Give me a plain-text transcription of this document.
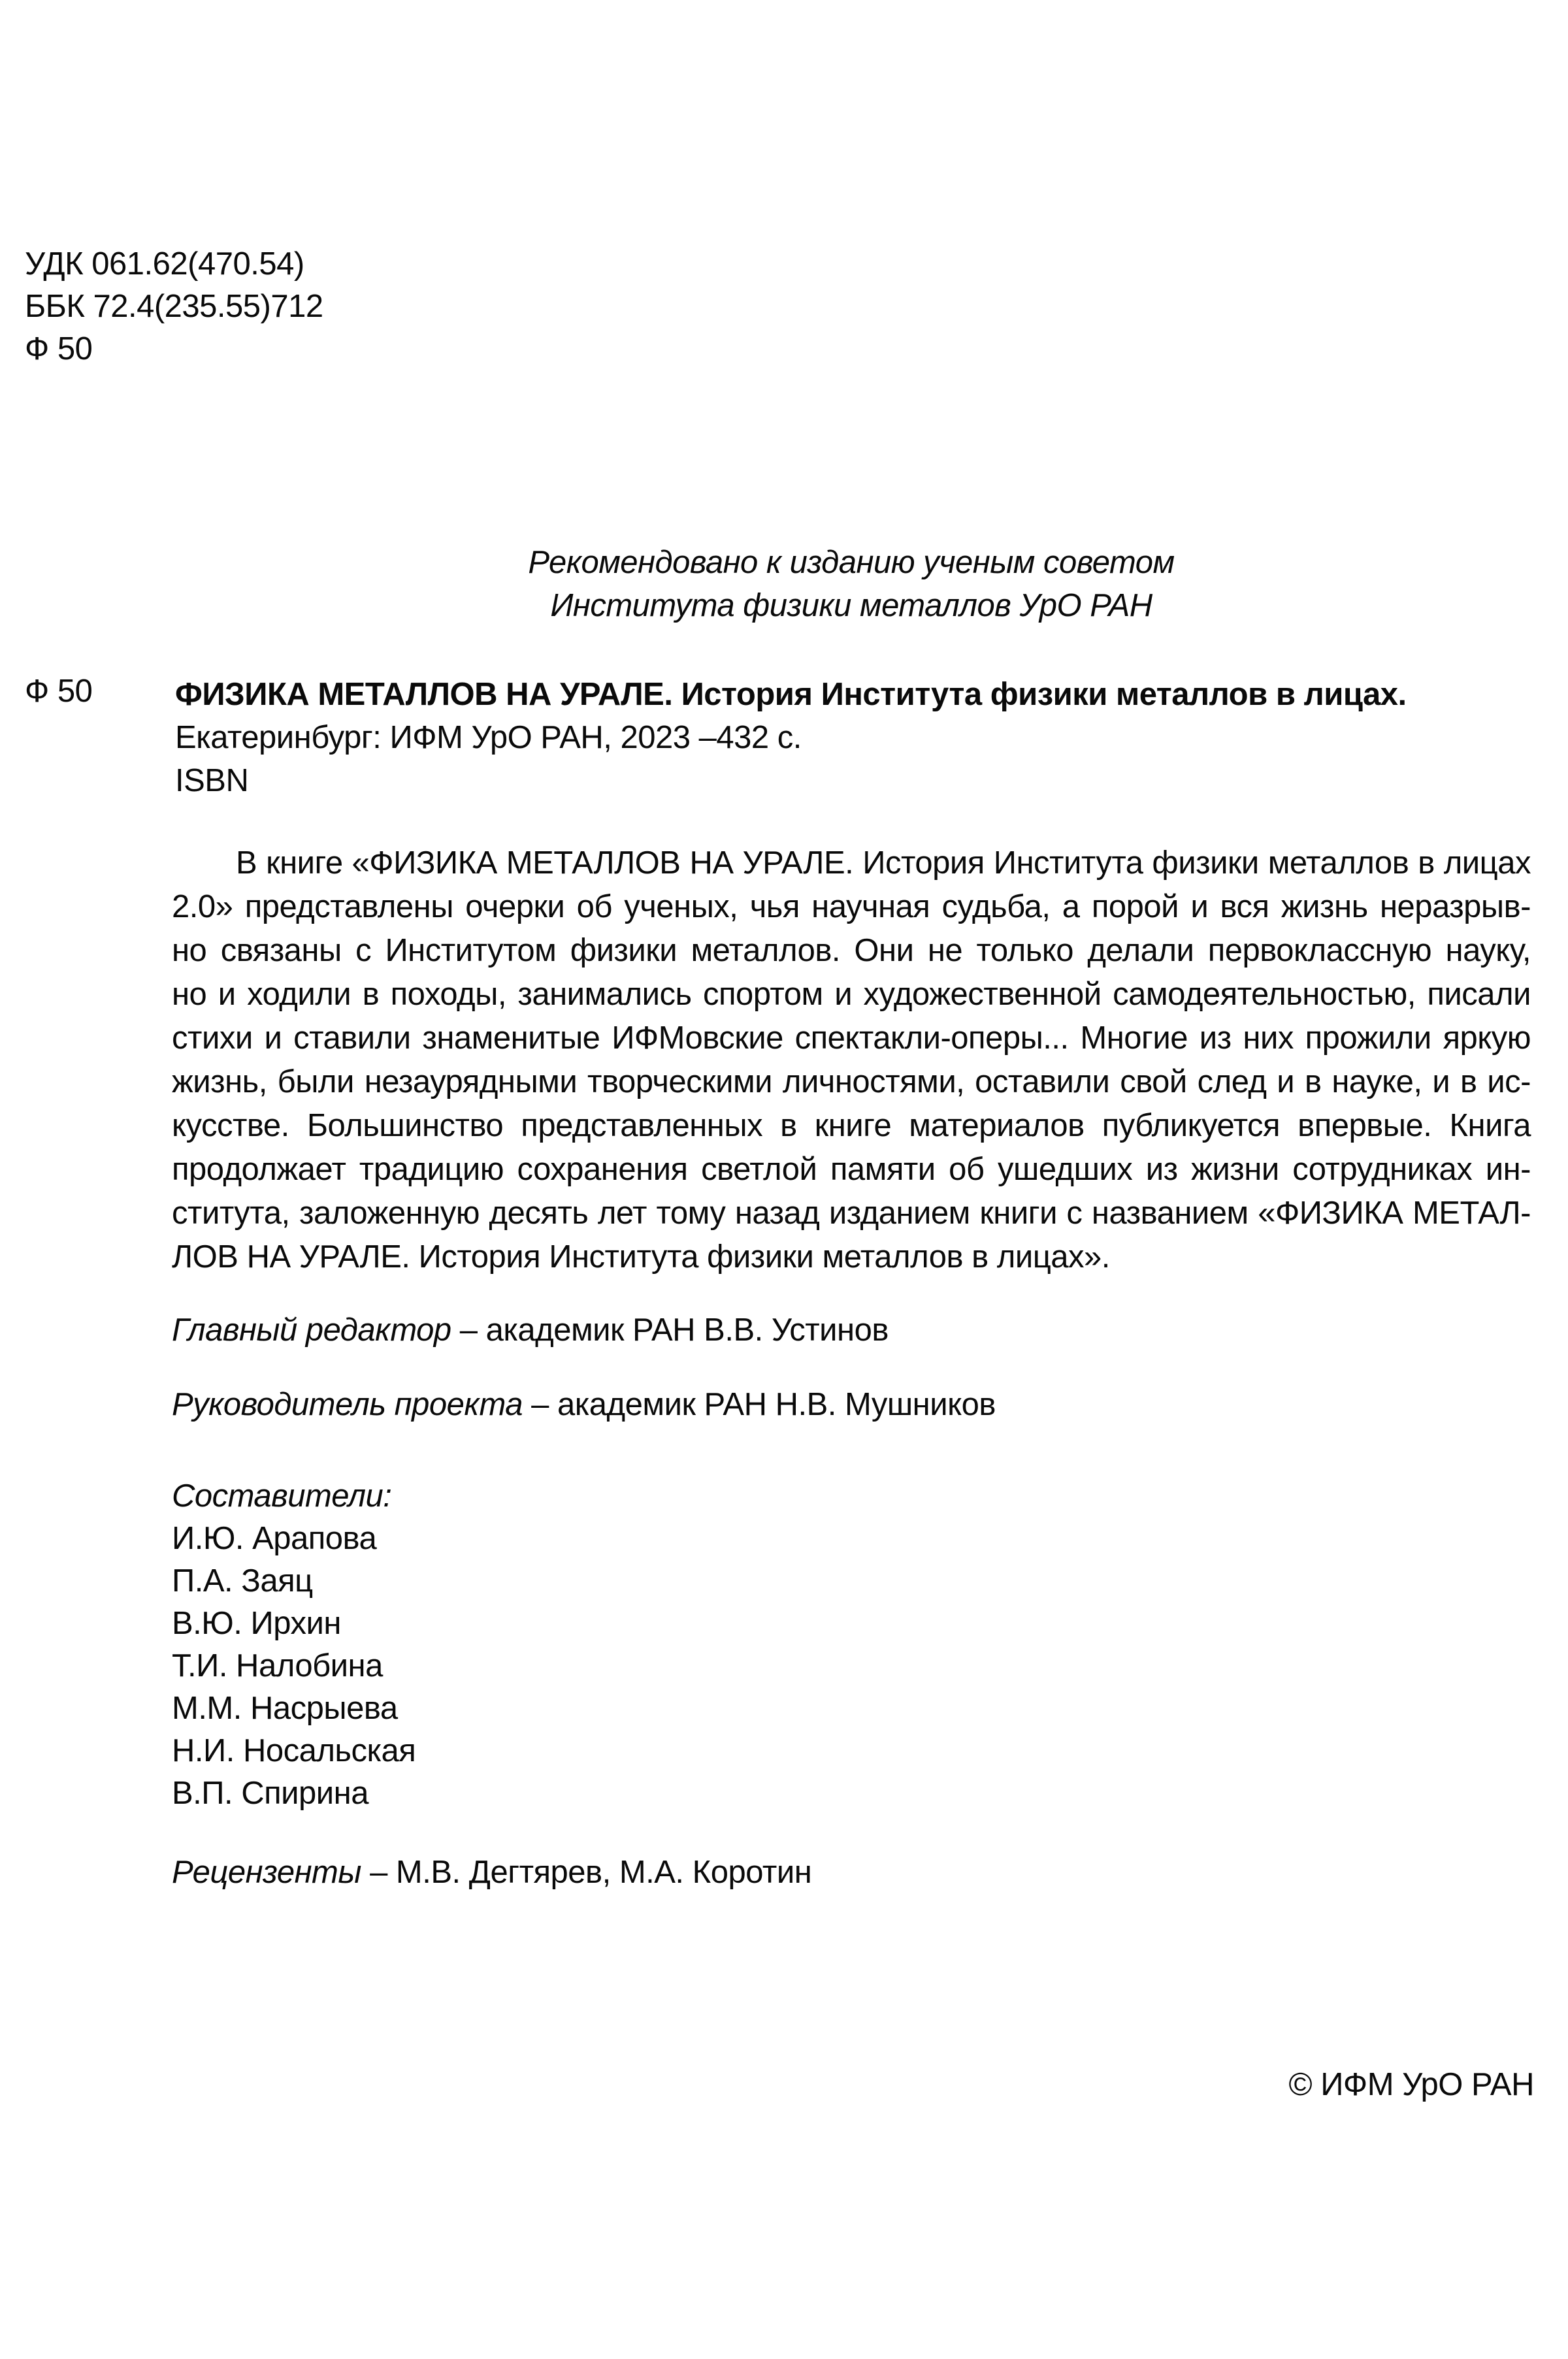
УДК 061.62(470.54)
ББК 72.4(235.55)712
Ф 50
Рекомендовано к изданию ученым советом
Института физики металлов УрО РАН
Ф 50	ФИЗИКА МЕТАЛЛОВ НА УРАЛЕ. История Института физики металлов в лицах.
Екатеринбург: ИФМ УрО РАН, 2023 –432 с.
ISBN
В книге «ФИЗИКА МЕТАЛЛОВ НА УРАЛЕ. История Института физики металлов в лицах
2.0» представлены очерки об ученых, чья научная судьба, а порой и вся жизнь неразрыв-
но связаны с Институтом физики металлов. Они не только делали первоклассную науку,
но и ходили в походы, занимались спортом и художественной самодеятельностью, писали
стихи и ставили знаменитые ИФМовские спектакли-оперы... Многие из них прожили яркую
жизнь, были незаурядными творческими личностями, оставили свой след и в науке, и в ис-
кусстве. Большинство представленных в книге материалов публикуется впервые. Книга
продолжает традицию сохранения светлой памяти об ушедших из жизни сотрудниках ин-
ститута, заложенную десять лет тому назад изданием книги с названием «ФИЗИКА МЕТАЛ-
ЛОВ НА УРАЛЕ. История Института физики металлов в лицах».
Главный редактор – академик РАН В.В. Устинов
Руководитель проекта – академик РАН Н.В. Мушников
Составители:
И.Ю. Арапова
П.А. Заяц
В.Ю. Ирхин
Т.И. Налобина
М.М. Насрыева
Н.И. Носальская
В.П. Спирина
Рецензенты – М.В. Дегтярев, М.А. Коротин
© ИФМ УрО РАН
